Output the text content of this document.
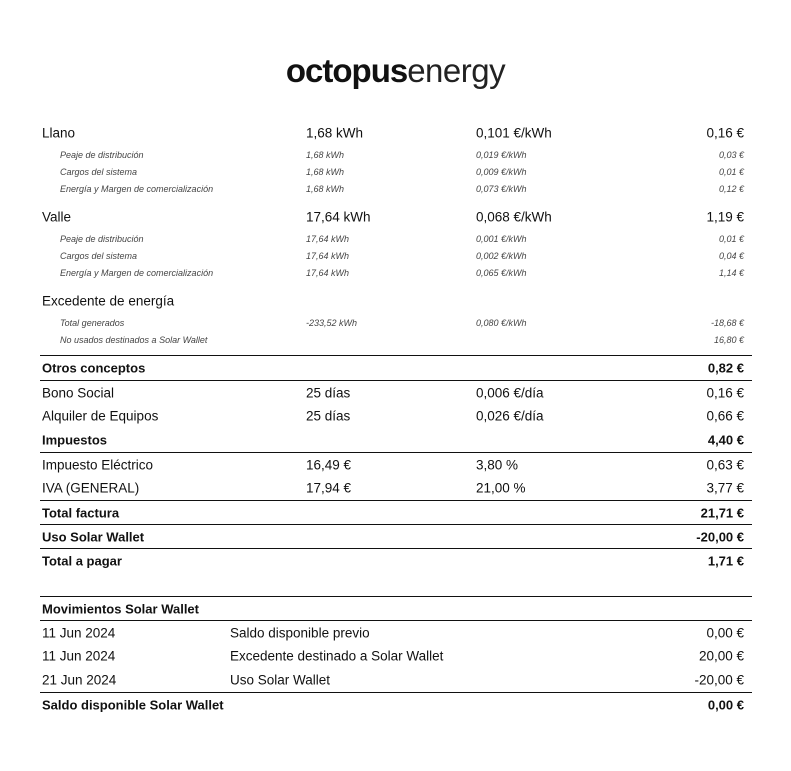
octopusenergy
Llano	1,68 kWh	0,101 €/kWh	0,16 €
Peaje de distribución	1,68 kWh	0,019 €/kWh	0,03 €
Cargos del sistema	1,68 kWh	0,009 €/kWh	0,01 €
Energía y Margen de comercialización	1,68 kWh	0,073 €/kWh	0,12 €
Valle	17,64 kWh	0,068 €/kWh	1,19 €
Peaje de distribución	17,64 kWh	0,001 €/kWh	0,01 €
Cargos del sistema	17,64 kWh	0,002 €/kWh	0,04 €
Energía y Margen de comercialización	17,64 kWh	0,065 €/kWh	1,14 €
Excedente de energía
Total generados	-233,52 kWh	0,080 €/kWh	-18,68 €
No usados destinados a Solar Wallet	16,80 €
Otros conceptos	0,82 €
Bono Social	25 días	0,006 €/día	0,16 €
Alquiler de Equipos	25 días	0,026 €/día	0,66 €
Impuestos	4,40 €
Impuesto Eléctrico	16,49 €	3,80 %	0,63 €
IVA (GENERAL)	17,94 €	21,00 %	3,77 €
Total factura	21,71 €
Uso Solar Wallet	-20,00 €
Total a pagar	1,71 €
Movimientos Solar Wallet
11 Jun 2024	Saldo disponible previo	0,00 €
11 Jun 2024	Excedente destinado a Solar Wallet	20,00 €
21 Jun 2024	Uso Solar Wallet	-20,00 €
Saldo disponible Solar Wallet	0,00 €
